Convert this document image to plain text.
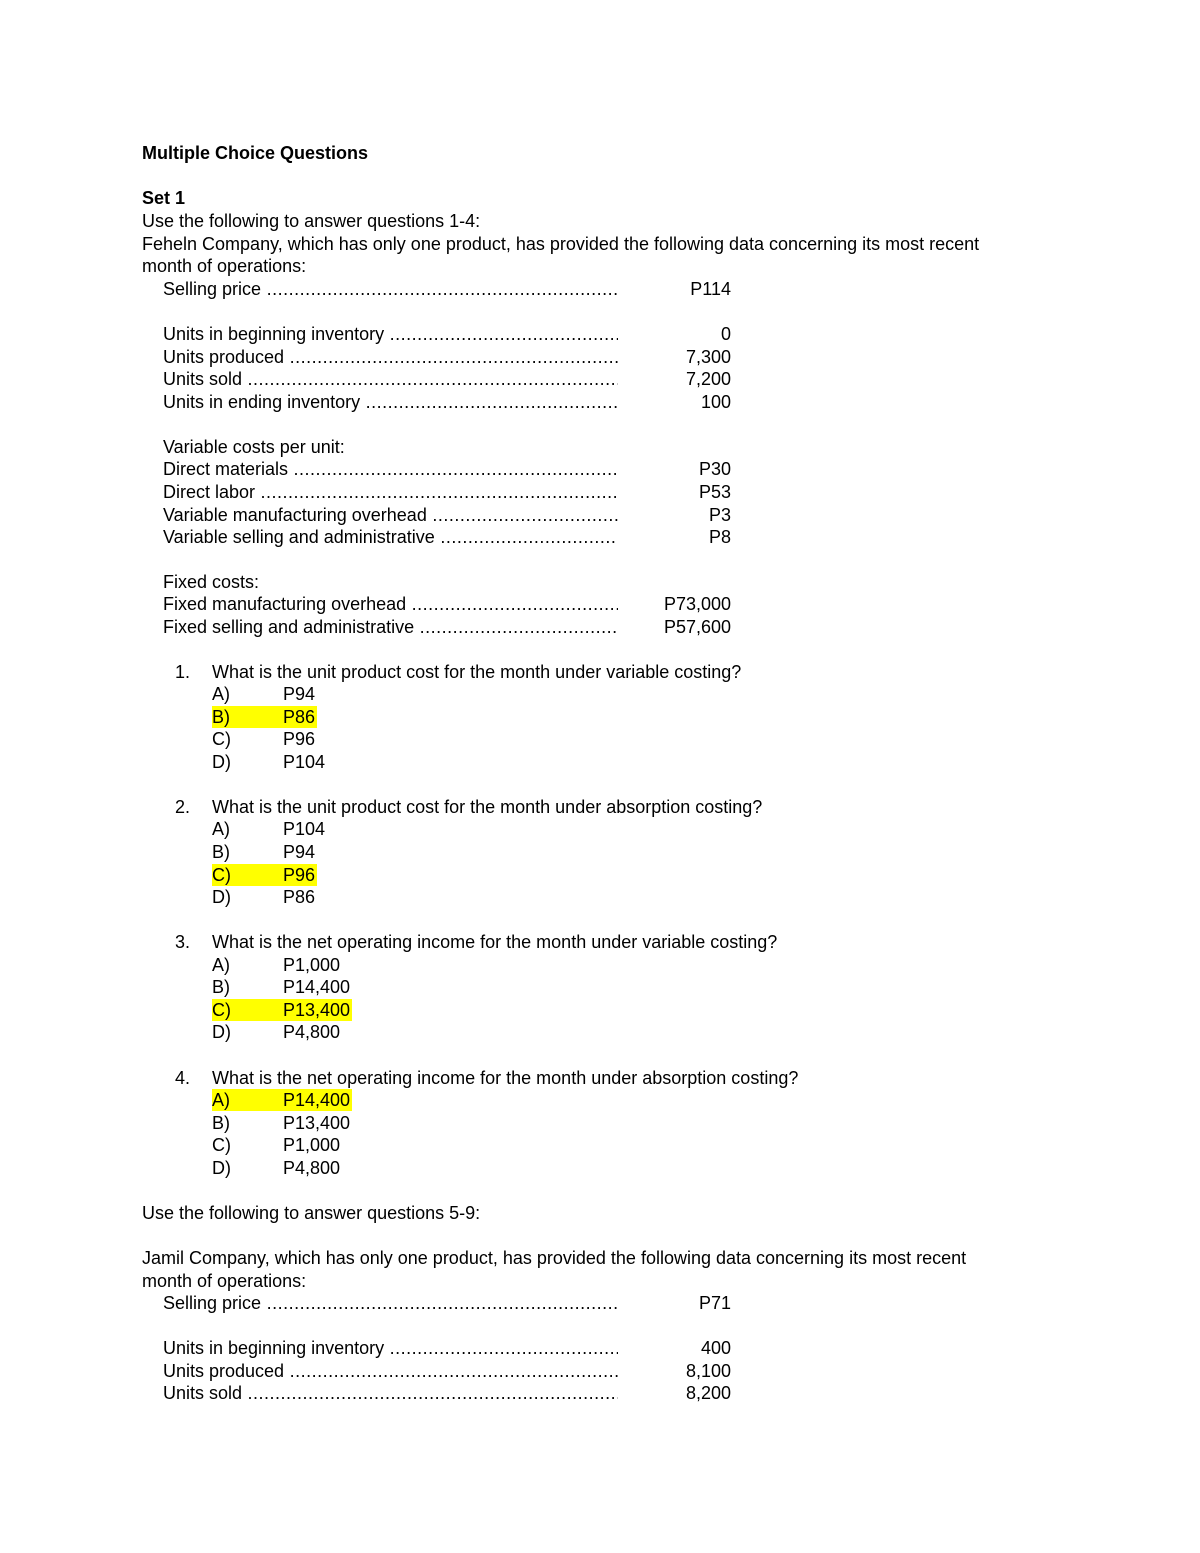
Multiple Choice Questions
Set 1
Use the following to answer questions 1-4:
Feheln Company, which has only one product, has provided the following data concerning its most recent
month of operations:
Selling price .....	P114
Units in beginning inventory .....	0
Units produced .....	7,300
Units sold .....	7,200
Units in ending inventory .....	100
Variable costs per unit:
Direct materials .....	P30
Direct labor .....	P53
Variable manufacturing overhead .....	P3
Variable selling and administrative .....	P8
Fixed costs:
Fixed manufacturing overhead .....	P73,000
Fixed selling and administrative .....	P57,600
1. What is the unit product cost for the month under variable costing?
A)	P94
B)	P86
C)	P96
D)	P104
2. What is the unit product cost for the month under absorption costing?
A)	P104
B)	P94
C)	P96
D)	P86
3. What is the net operating income for the month under variable costing?
A)	P1,000
B)	P14,400
C)	P13,400
D)	P4,800
4. What is the net operating income for the month under absorption costing?
A)	P14,400
B)	P13,400
C)	P1,000
D)	P4,800
Use the following to answer questions 5-9:
Jamil Company, which has only one product, has provided the following data concerning its most recent
month of operations:
Selling price .....	P71
Units in beginning inventory .....	400
Units produced .....	8,100
Units sold .....	8,200
